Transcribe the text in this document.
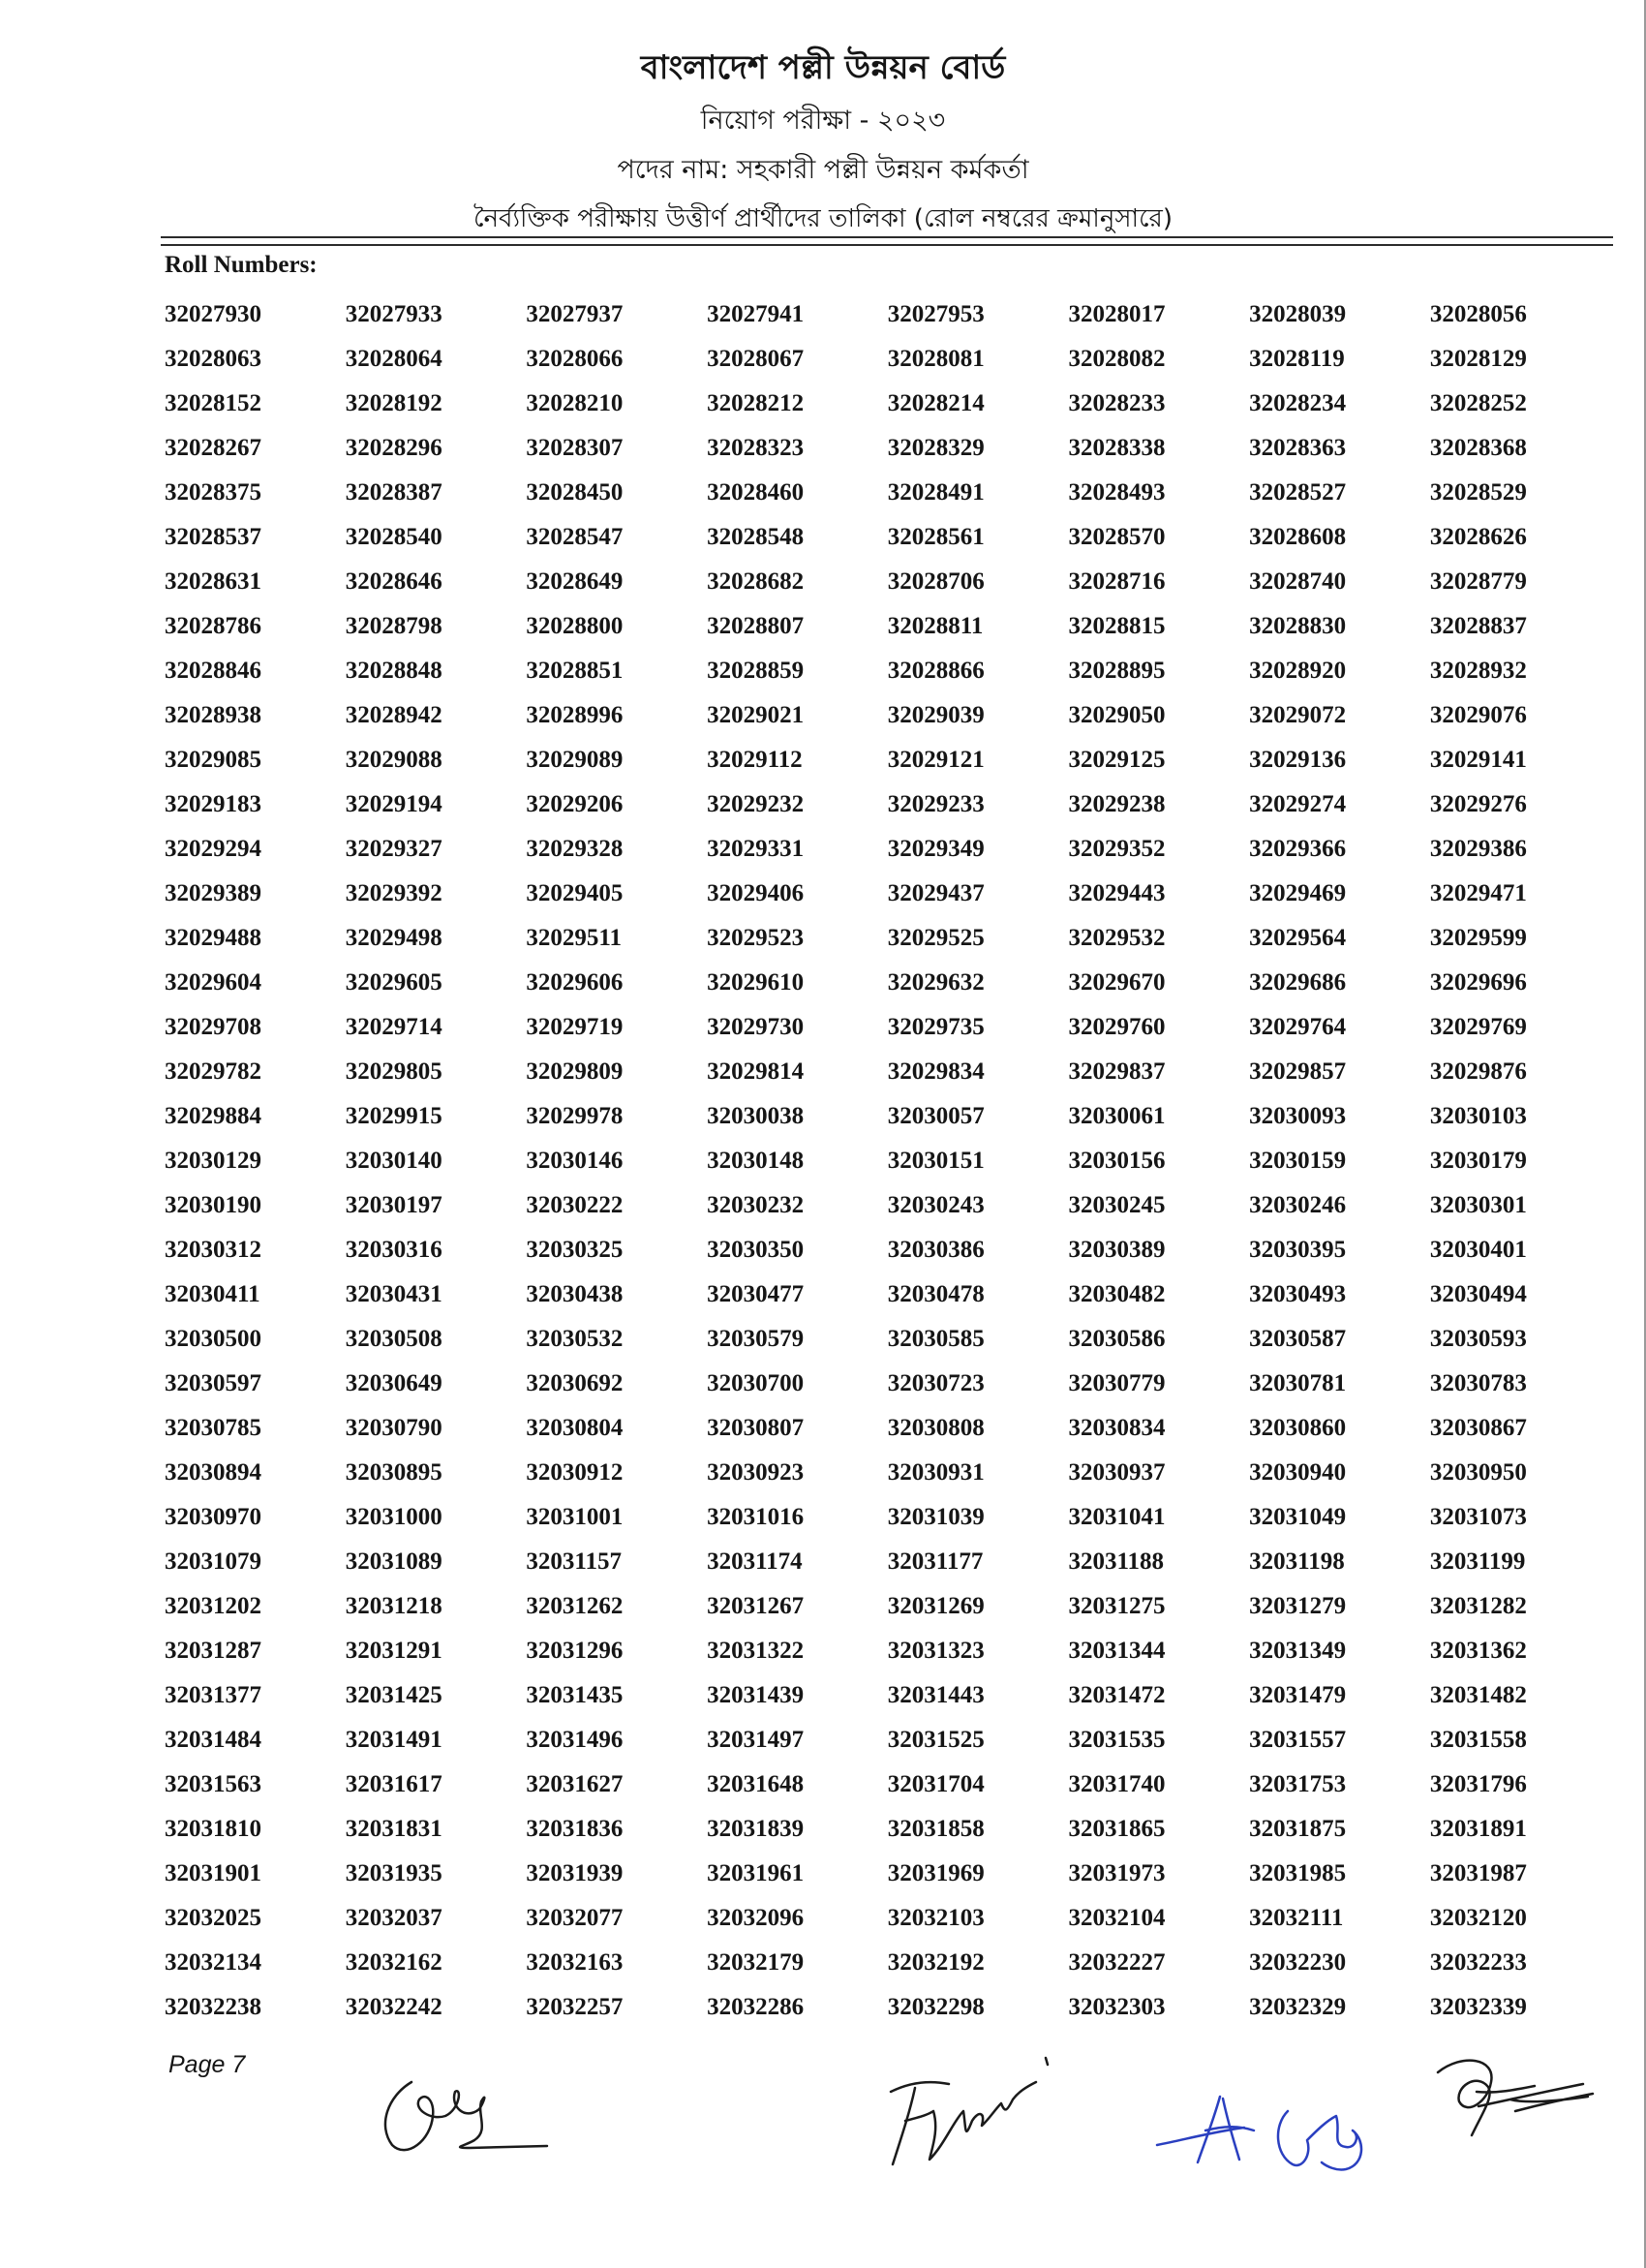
বাংলাদেশ পল্লী উন্নয়ন বোর্ড
নিয়োগ পরীক্ষা - ২০২৩
পদের নাম: সহকারী পল্লী উন্নয়ন কর্মকর্তা
নৈর্ব্যক্তিক পরীক্ষায় উত্তীর্ণ প্রার্থীদের তালিকা (রোল নম্বরের ক্রমানুসারে)
Roll Numbers:
32027930	32027933	32027937	32027941	32027953	32028017	32028039	32028056
32028063	32028064	32028066	32028067	32028081	32028082	32028119	32028129
32028152	32028192	32028210	32028212	32028214	32028233	32028234	32028252
32028267	32028296	32028307	32028323	32028329	32028338	32028363	32028368
32028375	32028387	32028450	32028460	32028491	32028493	32028527	32028529
32028537	32028540	32028547	32028548	32028561	32028570	32028608	32028626
32028631	32028646	32028649	32028682	32028706	32028716	32028740	32028779
32028786	32028798	32028800	32028807	32028811	32028815	32028830	32028837
32028846	32028848	32028851	32028859	32028866	32028895	32028920	32028932
32028938	32028942	32028996	32029021	32029039	32029050	32029072	32029076
32029085	32029088	32029089	32029112	32029121	32029125	32029136	32029141
32029183	32029194	32029206	32029232	32029233	32029238	32029274	32029276
32029294	32029327	32029328	32029331	32029349	32029352	32029366	32029386
32029389	32029392	32029405	32029406	32029437	32029443	32029469	32029471
32029488	32029498	32029511	32029523	32029525	32029532	32029564	32029599
32029604	32029605	32029606	32029610	32029632	32029670	32029686	32029696
32029708	32029714	32029719	32029730	32029735	32029760	32029764	32029769
32029782	32029805	32029809	32029814	32029834	32029837	32029857	32029876
32029884	32029915	32029978	32030038	32030057	32030061	32030093	32030103
32030129	32030140	32030146	32030148	32030151	32030156	32030159	32030179
32030190	32030197	32030222	32030232	32030243	32030245	32030246	32030301
32030312	32030316	32030325	32030350	32030386	32030389	32030395	32030401
32030411	32030431	32030438	32030477	32030478	32030482	32030493	32030494
32030500	32030508	32030532	32030579	32030585	32030586	32030587	32030593
32030597	32030649	32030692	32030700	32030723	32030779	32030781	32030783
32030785	32030790	32030804	32030807	32030808	32030834	32030860	32030867
32030894	32030895	32030912	32030923	32030931	32030937	32030940	32030950
32030970	32031000	32031001	32031016	32031039	32031041	32031049	32031073
32031079	32031089	32031157	32031174	32031177	32031188	32031198	32031199
32031202	32031218	32031262	32031267	32031269	32031275	32031279	32031282
32031287	32031291	32031296	32031322	32031323	32031344	32031349	32031362
32031377	32031425	32031435	32031439	32031443	32031472	32031479	32031482
32031484	32031491	32031496	32031497	32031525	32031535	32031557	32031558
32031563	32031617	32031627	32031648	32031704	32031740	32031753	32031796
32031810	32031831	32031836	32031839	32031858	32031865	32031875	32031891
32031901	32031935	32031939	32031961	32031969	32031973	32031985	32031987
32032025	32032037	32032077	32032096	32032103	32032104	32032111	32032120
32032134	32032162	32032163	32032179	32032192	32032227	32032230	32032233
32032238	32032242	32032257	32032286	32032298	32032303	32032329	32032339
Page 7
